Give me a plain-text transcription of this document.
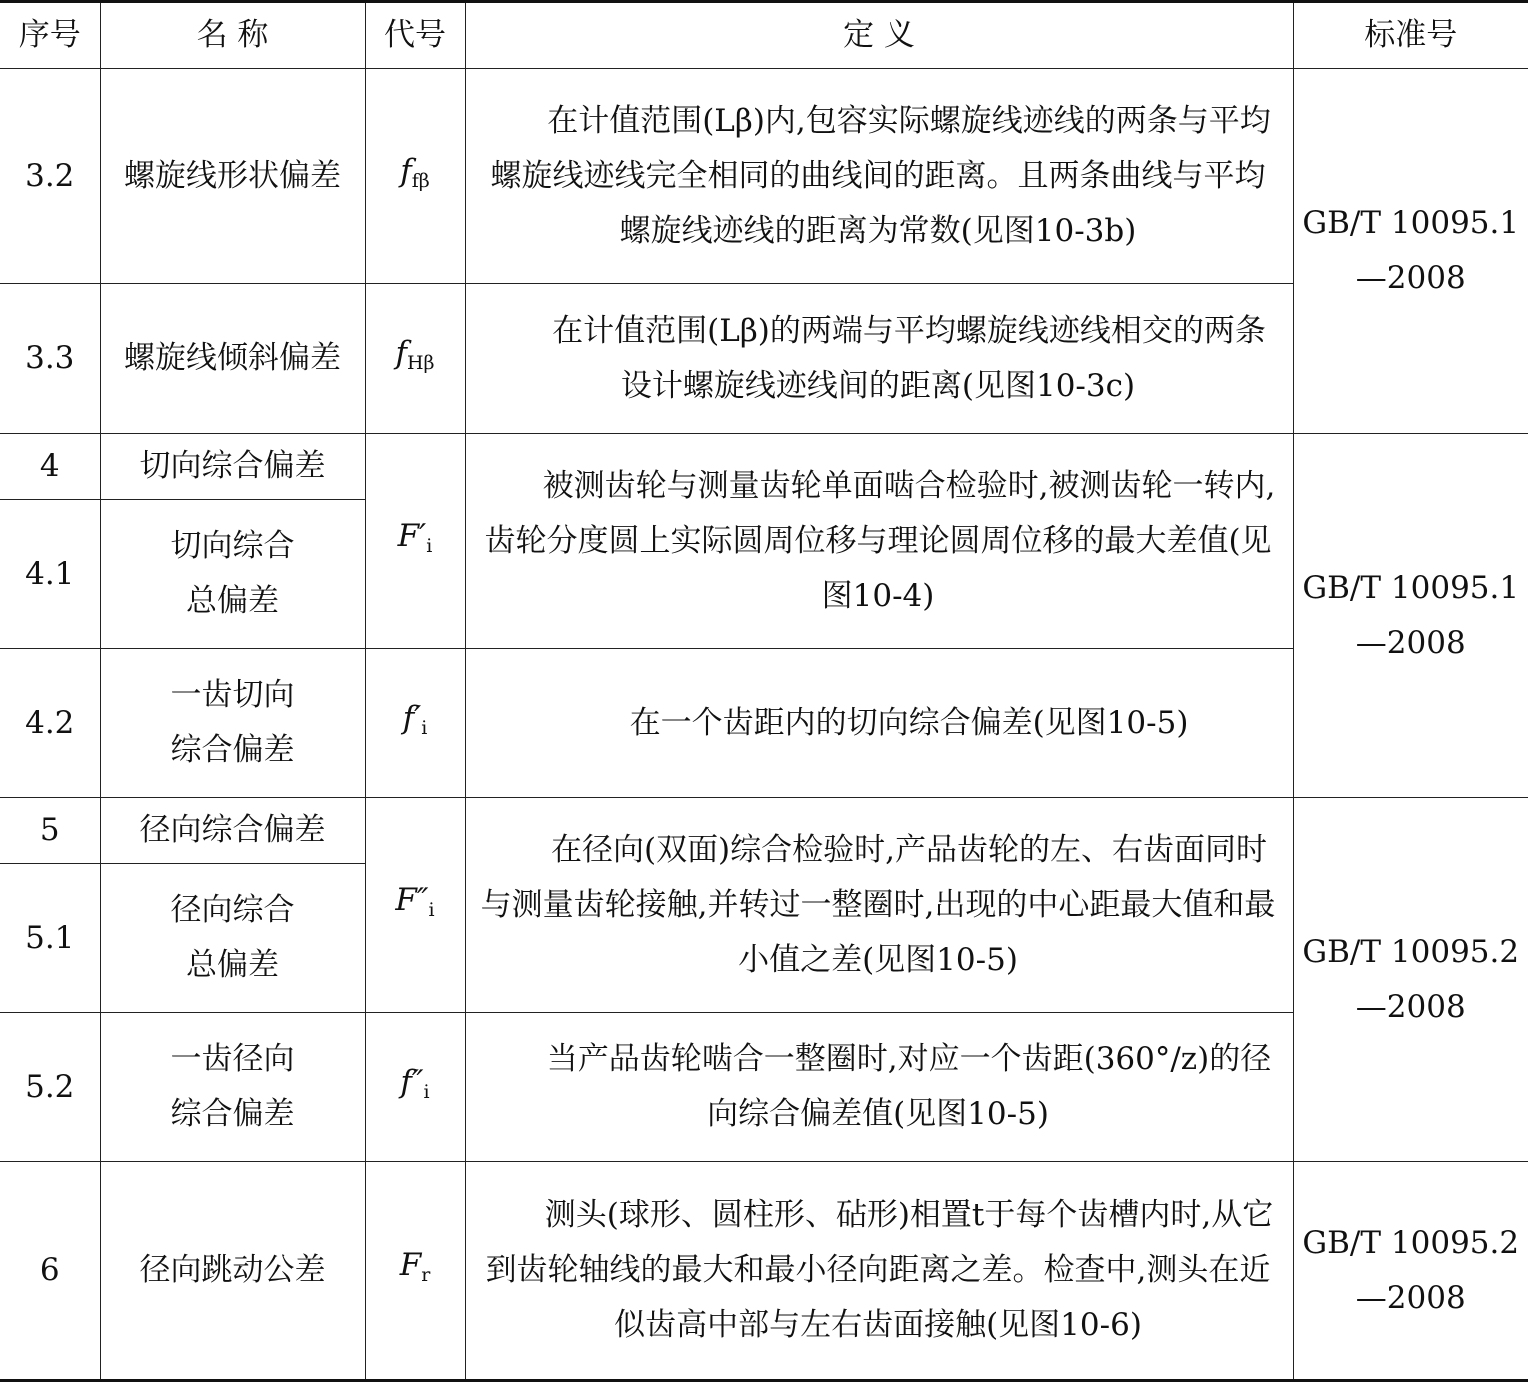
序号	名 称	代号	定 义	标准号
3.2	螺旋线形状偏差	$f_{f\beta}$	在计值范围(Lβ)内,包容实际螺旋线迹线的两条与平均螺旋线迹线完全相同的曲线间的距离。且两条曲线与平均螺旋线迹线的距离为常数(见图10-3b)	GB/T 10095.1
—2008

3.3	螺旋线倾斜偏差	$f_{H\beta}$	在计值范围(Lβ)的两端与平均螺旋线迹线相交的两条设计螺旋线迹线间的距离(见图10-3c)	

4	切向综合偏差	$F'_i$	被测齿轮与测量齿轮单面啮合检验时,被测齿轮一转内,齿轮分度圆上实际圆周位移与理论圆周位移的最大差值(见图10-4)	GB/T 10095.1
—2008

4.1	切向综合
总偏差			

4.2	一齿切向
综合偏差	$f'_i$	在一个齿距内的切向综合偏差(见图10-5)	

5	径向综合偏差	$F''_i$	在径向(双面)综合检验时,产品齿轮的左、右齿面同时与测量齿轮接触,并转过一整圈时,出现的中心距最大值和最小值之差(见图10-5)	GB/T 10095.2
—2008

5.1	径向综合
总偏差			

5.2	一齿径向
综合偏差	$f''_i$	当产品齿轮啮合一整圈时,对应一个齿距(360°/z)的径向综合偏差值(见图10-5)	

6	径向跳动公差	$F_r$	测头(球形、圆柱形、砧形)相置t于每个齿槽内时,从它到齿轮轴线的最大和最小径向距离之差。检查中,测头在近似齿高中部与左右齿面接触(见图10-6)	GB/T 10095.2
—2008
